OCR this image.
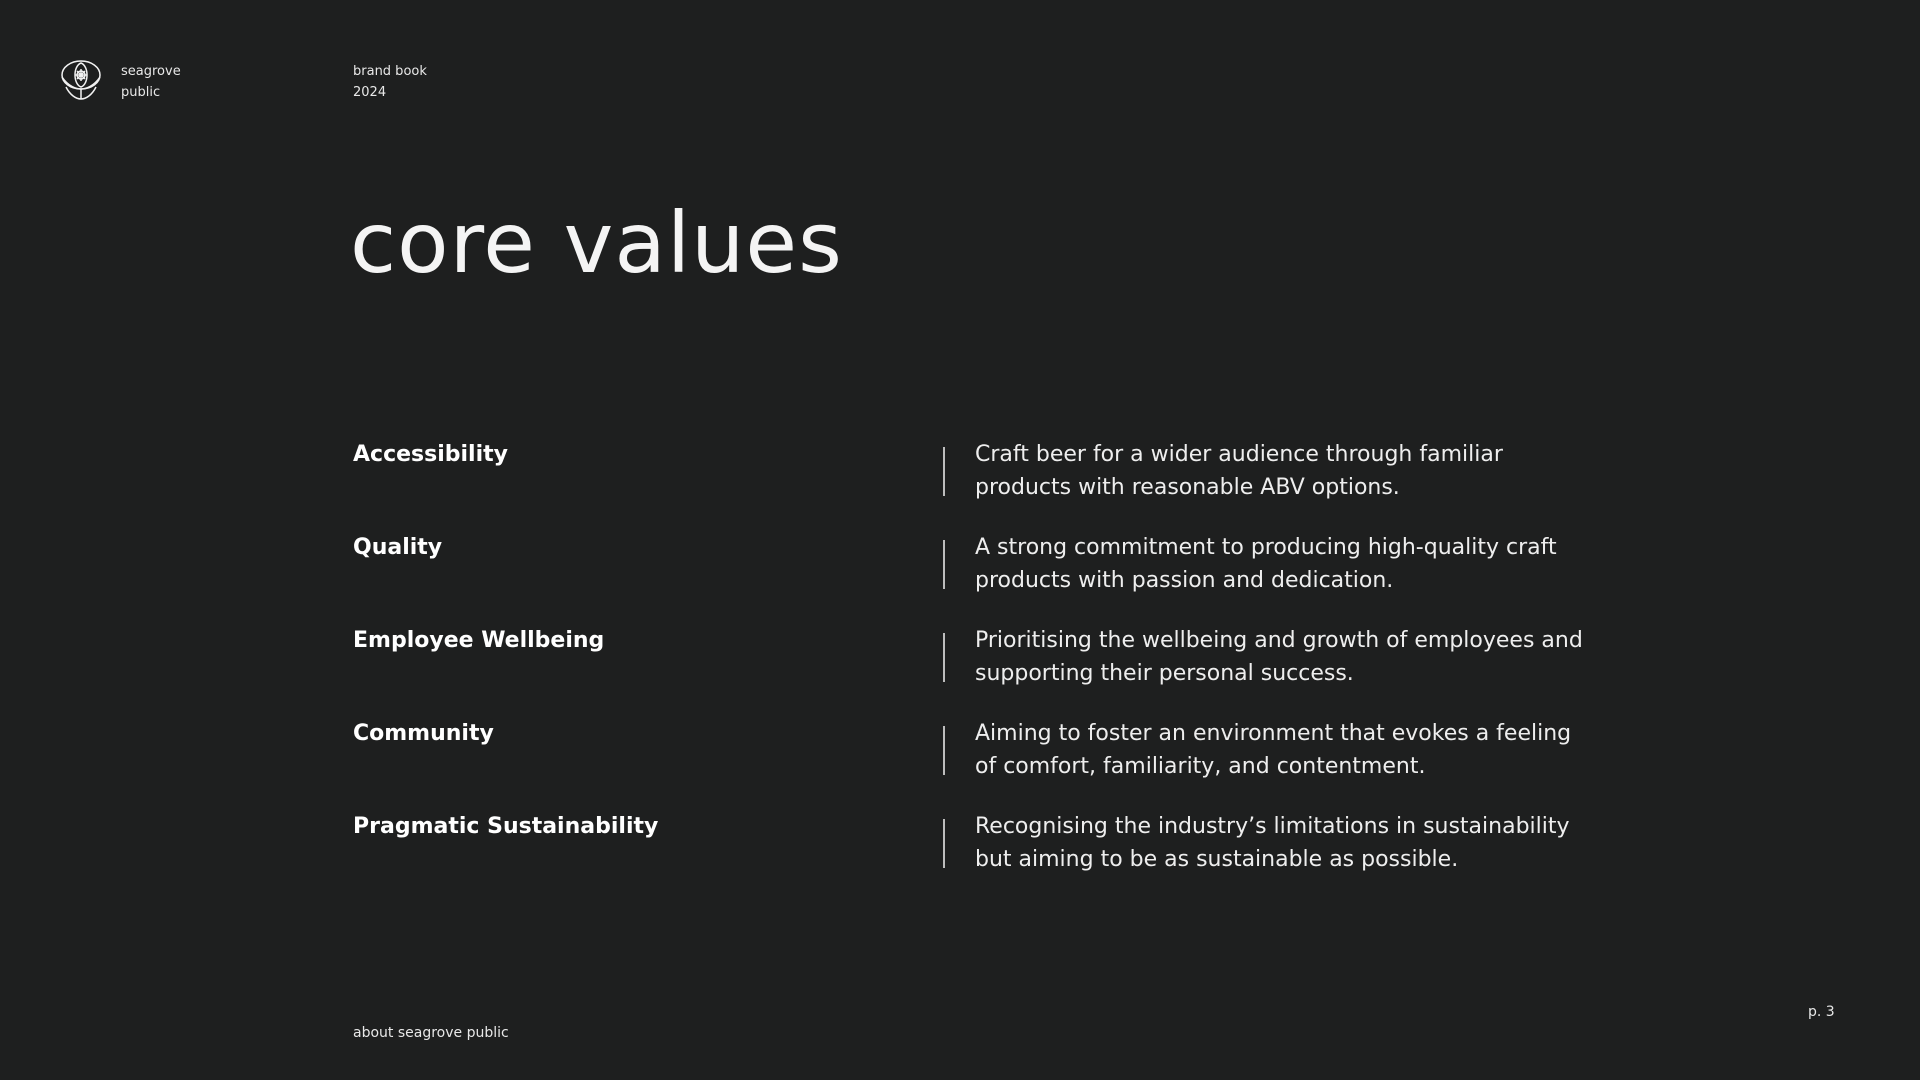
seagrove
public
brand book
2024
core values
Accessibility	Craft beer for a wider audience through familiar products with reasonable ABV options.
Quality	A strong commitment to producing high-quality craft products with passion and dedication.
Employee Wellbeing	Prioritising the wellbeing and growth of employees and supporting their personal success.
Community	Aiming to foster an environment that evokes a feeling of comfort, familiarity, and contentment.
Pragmatic Sustainability	Recognising the industry’s limitations in sustainability but aiming to be as sustainable as possible.
about seagrove public
p. 3
